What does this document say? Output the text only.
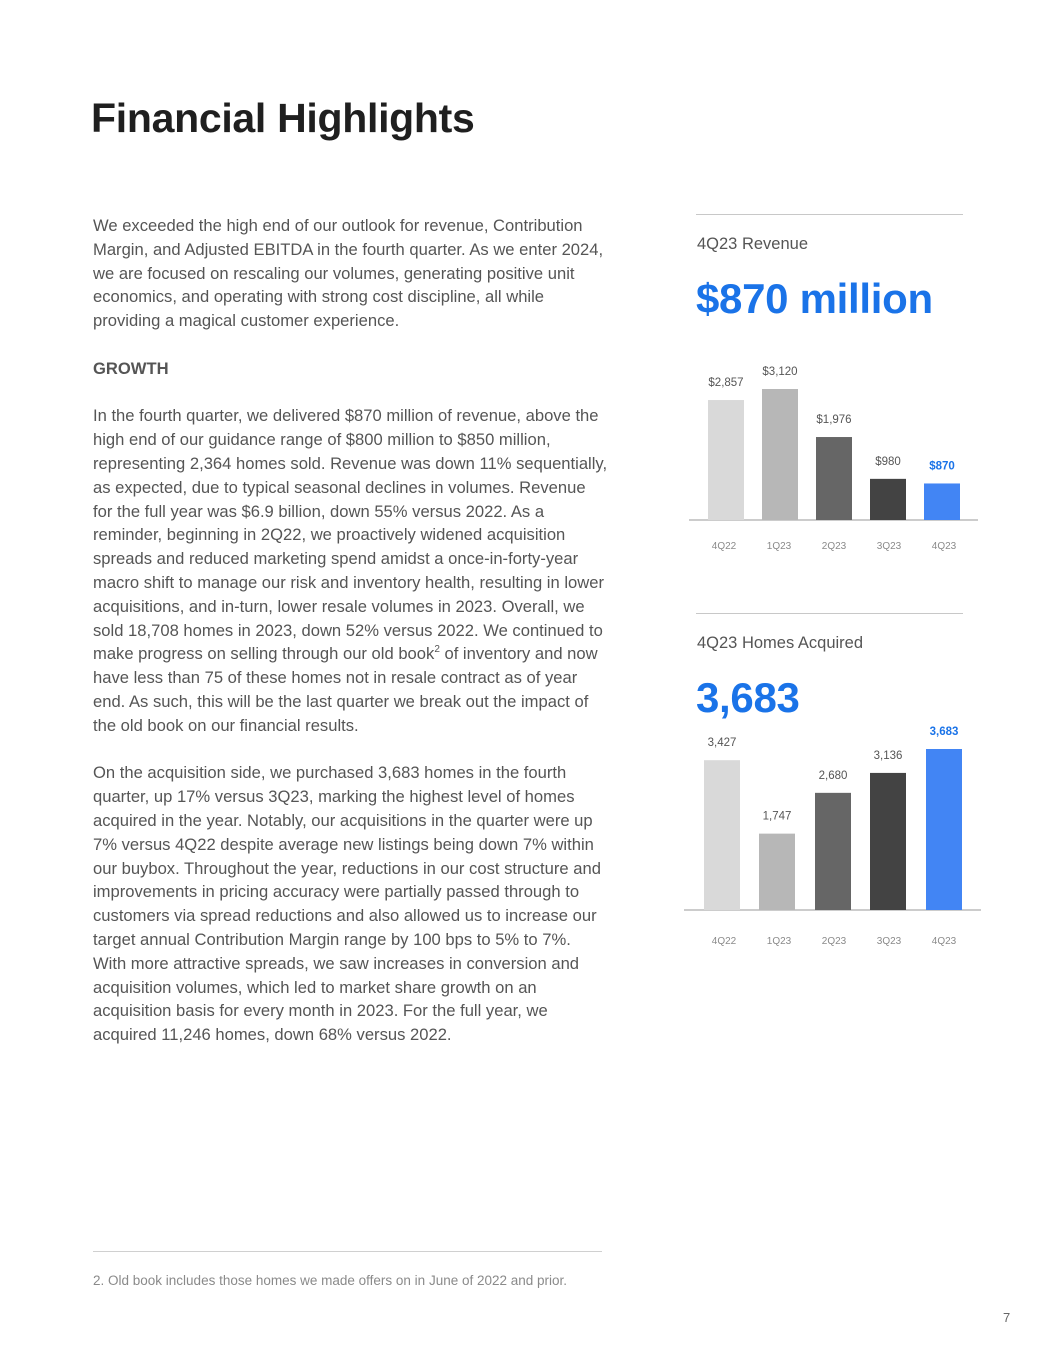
Financial Highlights

We exceeded the high end of our outlook for revenue, Contribution Margin, and Adjusted EBITDA in the fourth quarter. As we enter 2024, we are focused on rescaling our volumes, generating positive unit economics, and operating with strong cost discipline, all while providing a magical customer experience.

GROWTH

In the fourth quarter, we delivered $870 million of revenue, above the high end of our guidance range of $800 million to $850 million, representing 2,364 homes sold. Revenue was down 11% sequentially, as expected, due to typical seasonal declines in volumes. Revenue for the full year was $6.9 billion, down 55% versus 2022. As a reminder, beginning in 2Q22, we proactively widened acquisition spreads and reduced marketing spend amidst a once-in-forty-year macro shift to manage our risk and inventory health, resulting in lower acquisitions, and in-turn, lower resale volumes in 2023. Overall, we sold 18,708 homes in 2023, down 52% versus 2022. We continued to make progress on selling through our old book$^2$ of inventory and now have less than 75 of these homes not in resale contract as of year end. As such, this will be the last quarter we break out the impact of the old book on our financial results.

On the acquisition side, we purchased 3,683 homes in the fourth quarter, up 17% versus 3Q23, marking the highest level of homes acquired in the year. Notably, our acquisitions in the quarter were up 7% versus 4Q22 despite average new listings being down 7% within our buybox. Throughout the year, reductions in our cost structure and improvements in pricing accuracy were partially passed through to customers via spread reductions and also allowed us to increase our target annual Contribution Margin range by 100 bps to 5% to 7%. With more attractive spreads, we saw increases in conversion and acquisition volumes, which led to market share growth on an acquisition basis for every month in 2023. For the full year, we acquired 11,246 homes, down 68% versus 2022.

2. Old book includes those homes we made offers on in June of 2022 and prior.
7
4Q23 Revenue
$870 million
$2,857
4Q22
$3,120
1Q23
$1,976
2Q23
$980
3Q23
$870
4Q23
4Q23 Homes Acquired
3,683
3,427
4Q22
1,747
1Q23
2,680
2Q23
3,136
3Q23
3,683
4Q23
